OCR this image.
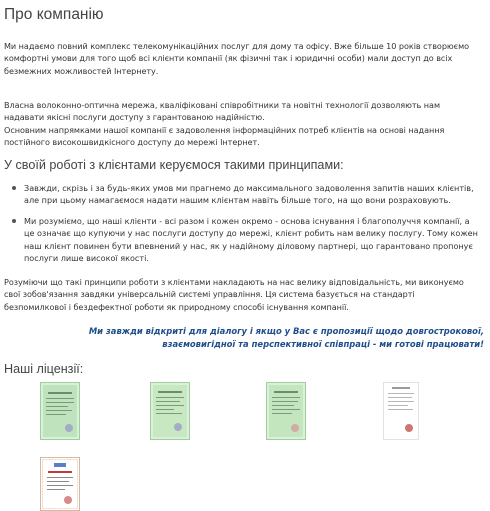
Про компанію
Ми надаємо повний комплекс телекомунікаційних послуг для дому та офісу. Вже більше 10 років створюємо
комфортні умови для того щоб всі клієнти компанії (як фізичні так і юридичні особи) мали доступ до всіх
безмежних можливостей Інтернету.
Власна волоконно-оптична мережа, кваліфіковані співробітники та новітні технології дозволяють нам
надавати якісні послуги доступу з гарантованою надійністю.
Основним напрямками нашої компанії є задоволення інформаційних потреб клієнтів на основі надання
постійного високошвидкісного доступу до мережі Інтернет.
У своїй роботі з клієнтами керуємося такими принципами:
Завжди, скрізь і за будь-яких умов ми прагнемо до максимального задоволення запитів наших клієнтів,
але при цьому намагаємося надати нашим клієнтам навіть більше того, на що вони розраховують.
Ми розуміємо, що наші клієнти - всі разом і кожен окремо - основа існування і благополуччя компанії, а
це означає що купуючи у нас послуги доступу до мережі, клієнт робить нам велику послугу. Тому кожен
наш клієнт повинен бути впевнений у нас, як у надійному діловому партнері, що гарантовано пропонує
послуги лише високої якості.
Розуміючи що такі принципи роботи з клієнтами накладають на нас велику відповідальність, ми виконуємо
свої зобов'язання завдяки універсальній системі управління. Ця система базується на стандарті
безпомилкової і бездефектної роботи як природному способі існування компанії.
Ми завжди відкриті для діалогу і якщо у Вас є пропозиції щодо довгострокової,
взаємовигідної та перспективної співпраці - ми готові працювати!
Наші ліцензії:
